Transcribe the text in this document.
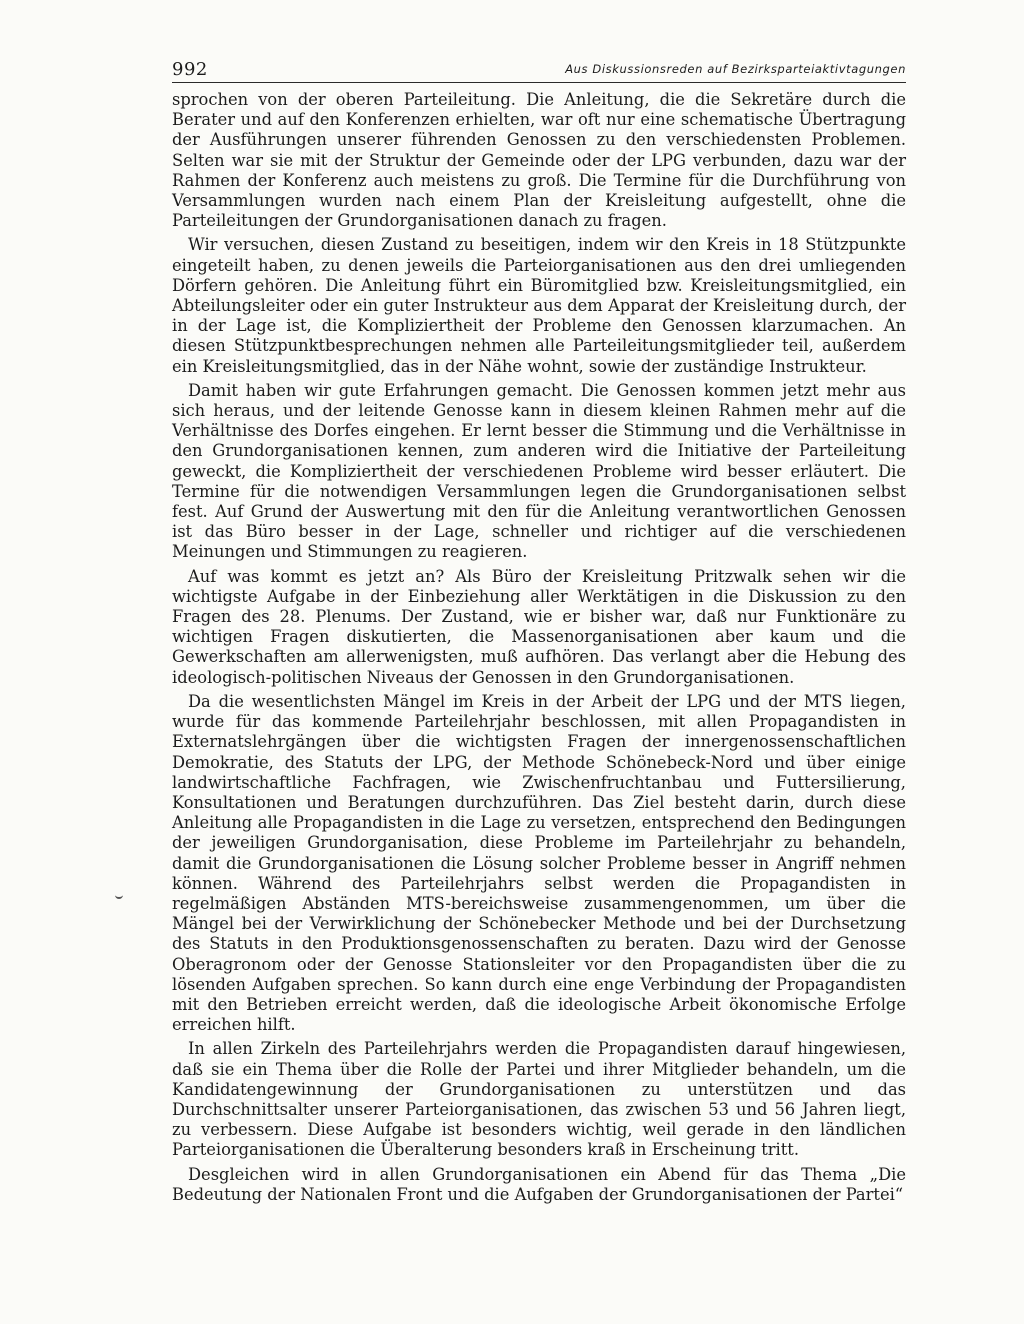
992	Aus Diskussionsreden auf Bezirksparteiaktivtagungen

sprochen von der oberen Parteileitung. Die Anleitung, die die Sekretäre durch die Berater und auf den Konferenzen erhielten, war oft nur eine schematische Übertragung der Ausführungen unserer führenden Genossen zu den verschiedensten Problemen. Selten war sie mit der Struktur der Gemeinde oder der LPG verbunden, dazu war der Rahmen der Konferenz auch meistens zu groß. Die Termine für die Durchführung von Versammlungen wurden nach einem Plan der Kreisleitung aufgestellt, ohne die Parteileitungen der Grundorganisationen danach zu fragen.

Wir versuchen, diesen Zustand zu beseitigen, indem wir den Kreis in 18 Stützpunkte eingeteilt haben, zu denen jeweils die Parteiorganisationen aus den drei umliegenden Dörfern gehören. Die Anleitung führt ein Büromitglied bzw. Kreisleitungsmitglied, ein Abteilungsleiter oder ein guter Instrukteur aus dem Apparat der Kreisleitung durch, der in der Lage ist, die Kompliziertheit der Probleme den Genossen klarzumachen. An diesen Stützpunktbesprechungen nehmen alle Parteileitungsmitglieder teil, außerdem ein Kreisleitungsmitglied, das in der Nähe wohnt, sowie der zuständige Instrukteur.

Damit haben wir gute Erfahrungen gemacht. Die Genossen kommen jetzt mehr aus sich heraus, und der leitende Genosse kann in diesem kleinen Rahmen mehr auf die Verhältnisse des Dorfes eingehen. Er lernt besser die Stimmung und die Verhältnisse in den Grundorganisationen kennen, zum anderen wird die Initiative der Parteileitung geweckt, die Kompliziertheit der verschiedenen Probleme wird besser erläutert. Die Termine für die notwendigen Versammlungen legen die Grundorganisationen selbst fest. Auf Grund der Auswertung mit den für die Anleitung verantwortlichen Genossen ist das Büro besser in der Lage, schneller und richtiger auf die verschiedenen Meinungen und Stimmungen zu reagieren.

Auf was kommt es jetzt an? Als Büro der Kreisleitung Pritzwalk sehen wir die wichtigste Aufgabe in der Einbeziehung aller Werktätigen in die Diskussion zu den Fragen des 28. Plenums. Der Zustand, wie er bisher war, daß nur Funktionäre zu wichtigen Fragen diskutierten, die Massenorganisationen aber kaum und die Gewerkschaften am allerwenigsten, muß aufhören. Das verlangt aber die Hebung des ideologisch-politischen Niveaus der Genossen in den Grundorganisationen.

Da die wesentlichsten Mängel im Kreis in der Arbeit der LPG und der MTS liegen, wurde für das kommende Parteilehrjahr beschlossen, mit allen Propagandisten in Externatslehrgängen über die wichtigsten Fragen der innergenossenschaftlichen Demokratie, des Statuts der LPG, der Methode Schönebeck-Nord und über einige landwirtschaftliche Fachfragen, wie Zwischenfruchtanbau und Futtersilierung, Konsultationen und Beratungen durchzuführen. Das Ziel besteht darin, durch diese Anleitung alle Propagandisten in die Lage zu versetzen, entsprechend den Bedingungen der jeweiligen Grundorganisation, diese Probleme im Parteilehrjahr zu behandeln, damit die Grundorganisationen die Lösung solcher Probleme besser in Angriff nehmen können. Während des Parteilehrjahrs selbst werden die Propagandisten in regelmäßigen Abständen MTS-bereichsweise zusammengenommen, um über die Mängel bei der Verwirklichung der Schönebecker Methode und bei der Durchsetzung des Statuts in den Produktionsgenossenschaften zu beraten. Dazu wird der Genosse Oberagronom oder der Genosse Stationsleiter vor den Propagandisten über die zu lösenden Aufgaben sprechen. So kann durch eine enge Verbindung der Propagandisten mit den Betrieben erreicht werden, daß die ideologische Arbeit ökonomische Erfolge erreichen hilft.

In allen Zirkeln des Parteilehrjahrs werden die Propagandisten darauf hingewiesen, daß sie ein Thema über die Rolle der Partei und ihrer Mitglieder behandeln, um die Kandidatengewinnung der Grundorganisationen zu unterstützen und das Durchschnittsalter unserer Parteiorganisationen, das zwischen 53 und 56 Jahren liegt, zu verbessern. Diese Aufgabe ist besonders wichtig, weil gerade in den ländlichen Parteiorganisationen die Überalterung besonders kraß in Erscheinung tritt.

Desgleichen wird in allen Grundorganisationen ein Abend für das Thema „Die Bedeutung der Nationalen Front und die Aufgaben der Grundorganisationen der Partei“
